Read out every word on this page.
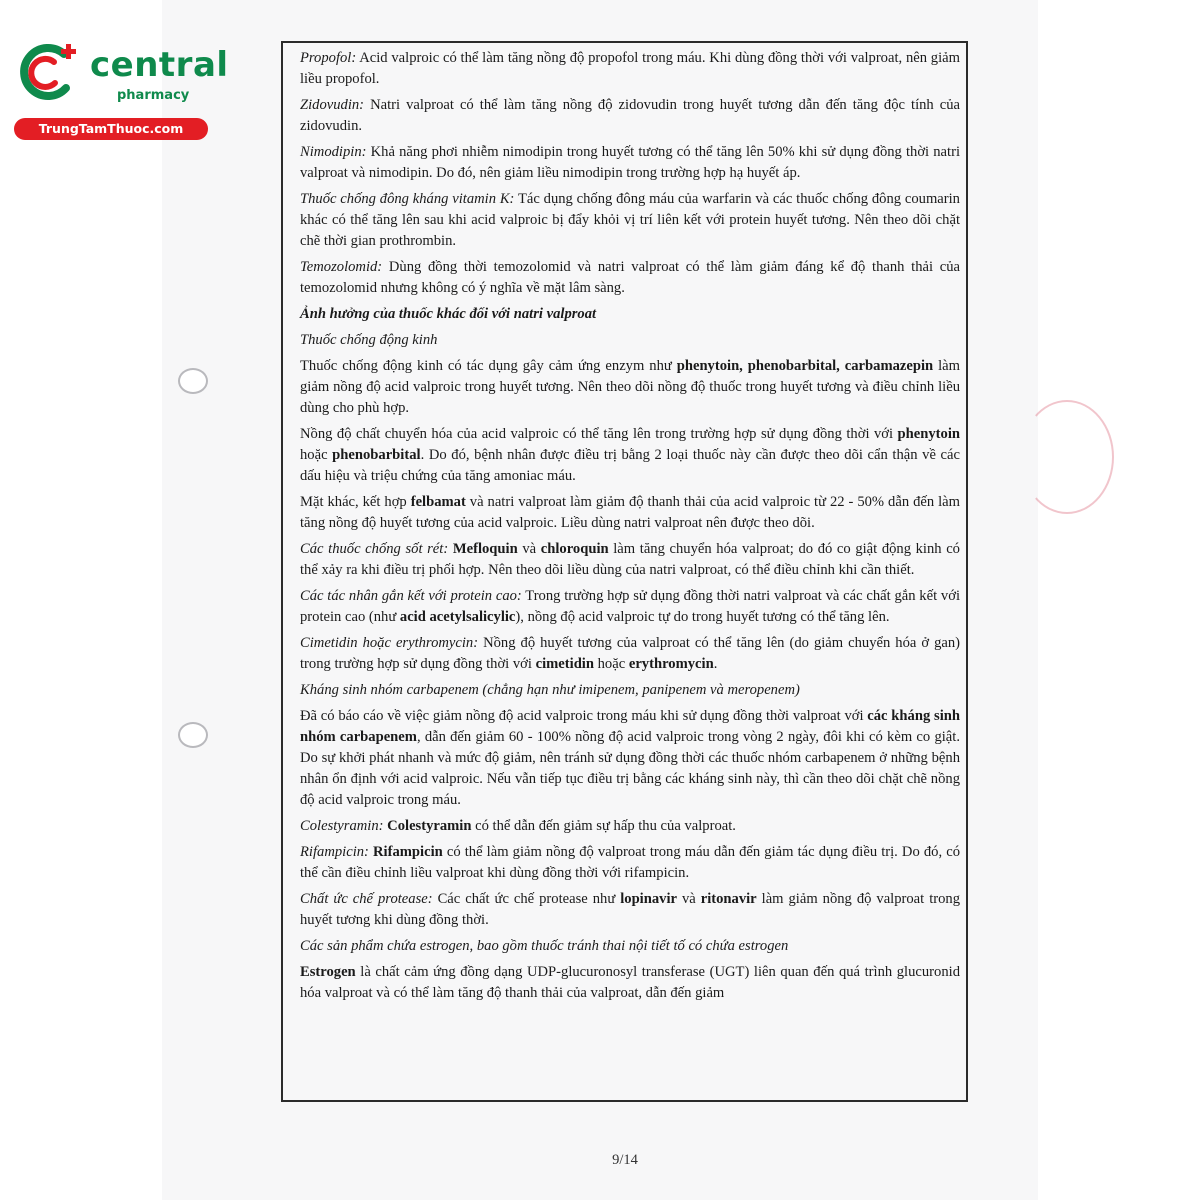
central
pharmacy
TrungTamThuoc.com

Propofol: Acid valproic có thể làm tăng nồng độ propofol trong máu. Khi dùng đồng thời với valproat, nên giảm liều propofol.

Zidovudin: Natri valproat có thể làm tăng nồng độ zidovudin trong huyết tương dẫn đến tăng độc tính của zidovudin.

Nimodipin: Khả năng phơi nhiễm nimodipin trong huyết tương có thể tăng lên 50% khi sử dụng đồng thời natri valproat và nimodipin. Do đó, nên giảm liều nimodipin trong trường hợp hạ huyết áp.

Thuốc chống đông kháng vitamin K: Tác dụng chống đông máu của warfarin và các thuốc chống đông coumarin khác có thể tăng lên sau khi acid valproic bị đẩy khỏi vị trí liên kết với protein huyết tương. Nên theo dõi chặt chẽ thời gian prothrombin.

Temozolomid: Dùng đồng thời temozolomid và natri valproat có thể làm giảm đáng kể độ thanh thải của temozolomid nhưng không có ý nghĩa về mặt lâm sàng.

Ảnh hưởng của thuốc khác đối với natri valproat

Thuốc chống động kinh

Thuốc chống động kinh có tác dụng gây cảm ứng enzym như phenytoin, phenobarbital, carbamazepin làm giảm nồng độ acid valproic trong huyết tương. Nên theo dõi nồng độ thuốc trong huyết tương và điều chỉnh liều dùng cho phù hợp.

Nồng độ chất chuyển hóa của acid valproic có thể tăng lên trong trường hợp sử dụng đồng thời với phenytoin hoặc phenobarbital. Do đó, bệnh nhân được điều trị bằng 2 loại thuốc này cần được theo dõi cẩn thận về các dấu hiệu và triệu chứng của tăng amoniac máu.

Mặt khác, kết hợp felbamat và natri valproat làm giảm độ thanh thải của acid valproic từ 22 - 50% dẫn đến làm tăng nồng độ huyết tương của acid valproic. Liều dùng natri valproat nên được theo dõi.

Các thuốc chống sốt rét: Mefloquin và chloroquin làm tăng chuyển hóa valproat; do đó co giật động kinh có thể xảy ra khi điều trị phối hợp. Nên theo dõi liều dùng của natri valproat, có thể điều chỉnh khi cần thiết.

Các tác nhân gắn kết với protein cao: Trong trường hợp sử dụng đồng thời natri valproat và các chất gắn kết với protein cao (như acid acetylsalicylic), nồng độ acid valproic tự do trong huyết tương có thể tăng lên.

Cimetidin hoặc erythromycin: Nồng độ huyết tương của valproat có thể tăng lên (do giảm chuyển hóa ở gan) trong trường hợp sử dụng đồng thời với cimetidin hoặc erythromycin.

Kháng sinh nhóm carbapenem (chẳng hạn như imipenem, panipenem và meropenem)

Đã có báo cáo về việc giảm nồng độ acid valproic trong máu khi sử dụng đồng thời valproat với các kháng sinh nhóm carbapenem, dẫn đến giảm 60 - 100% nồng độ acid valproic trong vòng 2 ngày, đôi khi có kèm co giật. Do sự khởi phát nhanh và mức độ giảm, nên tránh sử dụng đồng thời các thuốc nhóm carbapenem ở những bệnh nhân ổn định với acid valproic. Nếu vẫn tiếp tục điều trị bằng các kháng sinh này, thì cần theo dõi chặt chẽ nồng độ acid valproic trong máu.

Colestyramin: Colestyramin có thể dẫn đến giảm sự hấp thu của valproat.

Rifampicin: Rifampicin có thể làm giảm nồng độ valproat trong máu dẫn đến giảm tác dụng điều trị. Do đó, có thể cần điều chỉnh liều valproat khi dùng đồng thời với rifampicin.

Chất ức chế protease: Các chất ức chế protease như lopinavir và ritonavir làm giảm nồng độ valproat trong huyết tương khi dùng đồng thời.

Các sản phẩm chứa estrogen, bao gồm thuốc tránh thai nội tiết tố có chứa estrogen

Estrogen là chất cảm ứng đồng dạng UDP-glucuronosyl transferase (UGT) liên quan đến quá trình glucuronid hóa valproat và có thể làm tăng độ thanh thải của valproat, dẫn đến giảm

9/14
